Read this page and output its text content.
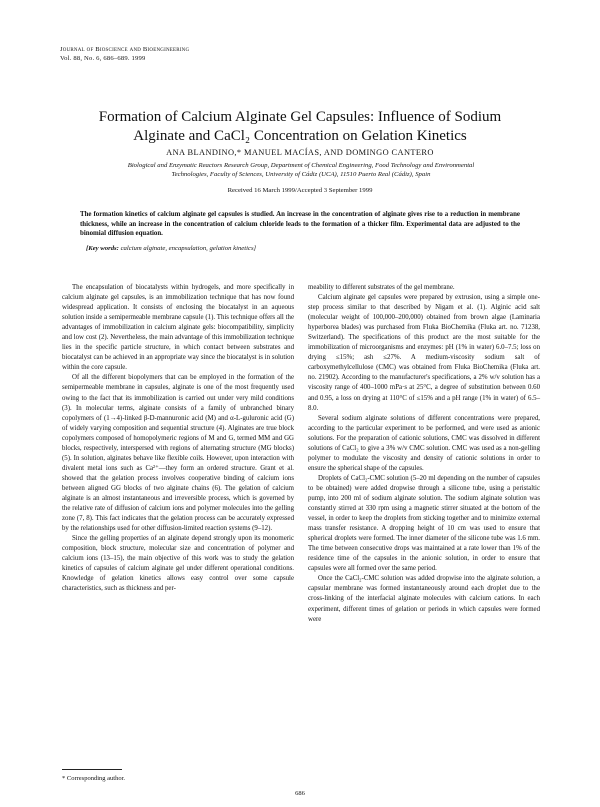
Journal of Bioscience and Bioengineering
Vol. 88, No. 6, 686–689. 1999
Formation of Calcium Alginate Gel Capsules: Influence of Sodium
Alginate and CaCl₂ Concentration on Gelation Kinetics
ANA BLANDINO,* MANUEL MACÍAS, AND DOMINGO CANTERO
Biological and Enzymatic Reactors Research Group, Department of Chemical Engineering, Food Technology and Environmental
Technologies, Faculty of Sciences, University of Cádiz (UCA), 11510 Puerto Real (Cádiz), Spain
Received 16 March 1999/Accepted 3 September 1999
The formation kinetics of calcium alginate gel capsules is studied. An increase in the concentration of alginate gives rise to a reduction in membrane thickness, while an increase in the concentration of calcium chloride leads to the formation of a thicker film. Experimental data are adjusted to the binomial diffusion equation.
[Key words: calcium alginate, encapsulation, gelation kinetics]

The encapsulation of biocatalysts within hydrogels, and more specifically in calcium alginate gel capsules, is an immobilization technique that has now found widespread application. It consists of enclosing the biocatalyst in an aqueous solution inside a semipermeable membrane capsule (1). This technique offers all the advantages of immobilization in calcium alginate gels: biocompatibility, simplicity and low cost (2). Nevertheless, the main advantage of this immobilization technique lies in the specific particle structure, in which contact between substrates and biocatalyst can be achieved in an appropriate way since the biocatalyst is in solution within the core capsule.

Of all the different biopolymers that can be employed in the formation of the semipermeable membrane in capsules, alginate is one of the most frequently used owing to the fact that its immobilization is carried out under very mild conditions (3). In molecular terms, alginate consists of a family of unbranched binary copolymers of (1→4)-linked β-D-mannuronic acid (M) and α-L-guluronic acid (G) of widely varying composition and sequential structure (4). Alginates are true block copolymers composed of homopolymeric regions of M and G, termed MM and GG blocks, respectively, interspersed with regions of alternating structure (MG blocks) (5). In solution, alginates behave like flexible coils. However, upon interaction with divalent metal ions such as Ca²⁺—they form an ordered structure. Grant et al. showed that the gelation process involves cooperative binding of calcium ions between aligned GG blocks of two alginate chains (6). The gelation of calcium alginate is an almost instantaneous and irreversible process, which is governed by the relative rate of diffusion of calcium ions and polymer molecules into the gelling zone (7, 8). This fact indicates that the gelation process can be accurately expressed by the relationships used for other diffusion-limited reaction systems (9–12).

Since the gelling properties of an alginate depend strongly upon its monomeric composition, block structure, molecular size and concentration of polymer and calcium ions (13–15), the main objective of this work was to study the gelation kinetics of capsules of calcium alginate gel under different operational conditions. Knowledge of gelation kinetics allows easy control over some capsule characteristics, such as thickness and per-

meability to different substrates of the gel membrane.

Calcium alginate gel capsules were prepared by extrusion, using a simple one-step process similar to that described by Nigam et al. (1). Alginic acid salt (molecular weight of 100,000–200,000) obtained from brown algae (Laminaria hyperborea blades) was purchased from Fluka BioChemika (Fluka art. no. 71238, Switzerland). The specifications of this product are the most suitable for the immobilization of microorganisms and enzymes: pH (1% in water) 6.0–7.5; loss on drying ≤15%; ash ≤27%. A medium-viscosity sodium salt of carboxymethylcellulose (CMC) was obtained from Fluka BioChemika (Fluka art. no. 21902). According to the manufacturer's specifications, a 2% w/v solution has a viscosity range of 400–1000 mPa·s at 25°C, a degree of substitution between 0.60 and 0.95, a loss on drying at 110°C of ≤15% and a pH range (1% in water) of 6.5–8.0.

Several sodium alginate solutions of different concentrations were prepared, according to the particular experiment to be performed, and were used as anionic solutions. For the preparation of cationic solutions, CMC was dissolved in different solutions of CaCl₂ to give a 3% w/v CMC solution. CMC was used as a non-gelling polymer to modulate the viscosity and density of cationic solutions in order to ensure the spherical shape of the capsules.

Droplets of CaCl₂-CMC solution (5–20 ml depending on the number of capsules to be obtained) were added dropwise through a silicone tube, using a peristaltic pump, into 200 ml of sodium alginate solution. The sodium alginate solution was constantly stirred at 330 rpm using a magnetic stirrer situated at the bottom of the vessel, in order to keep the droplets from sticking together and to minimize external mass transfer resistance. A dropping height of 10 cm was used to ensure that spherical droplets were formed. The inner diameter of the silicone tube was 1.6 mm. The time between consecutive drops was maintained at a rate lower than 1% of the residence time of the capsules in the anionic solution, in order to ensure that capsules were all formed over the same period.

Once the CaCl₂-CMC solution was added dropwise into the alginate solution, a capsular membrane was formed instantaneously around each droplet due to the cross-linking of the interfacial alginate molecules with calcium cations. In each experiment, different times of gelation or periods in which capsules were formed were

* Corresponding author.
686
